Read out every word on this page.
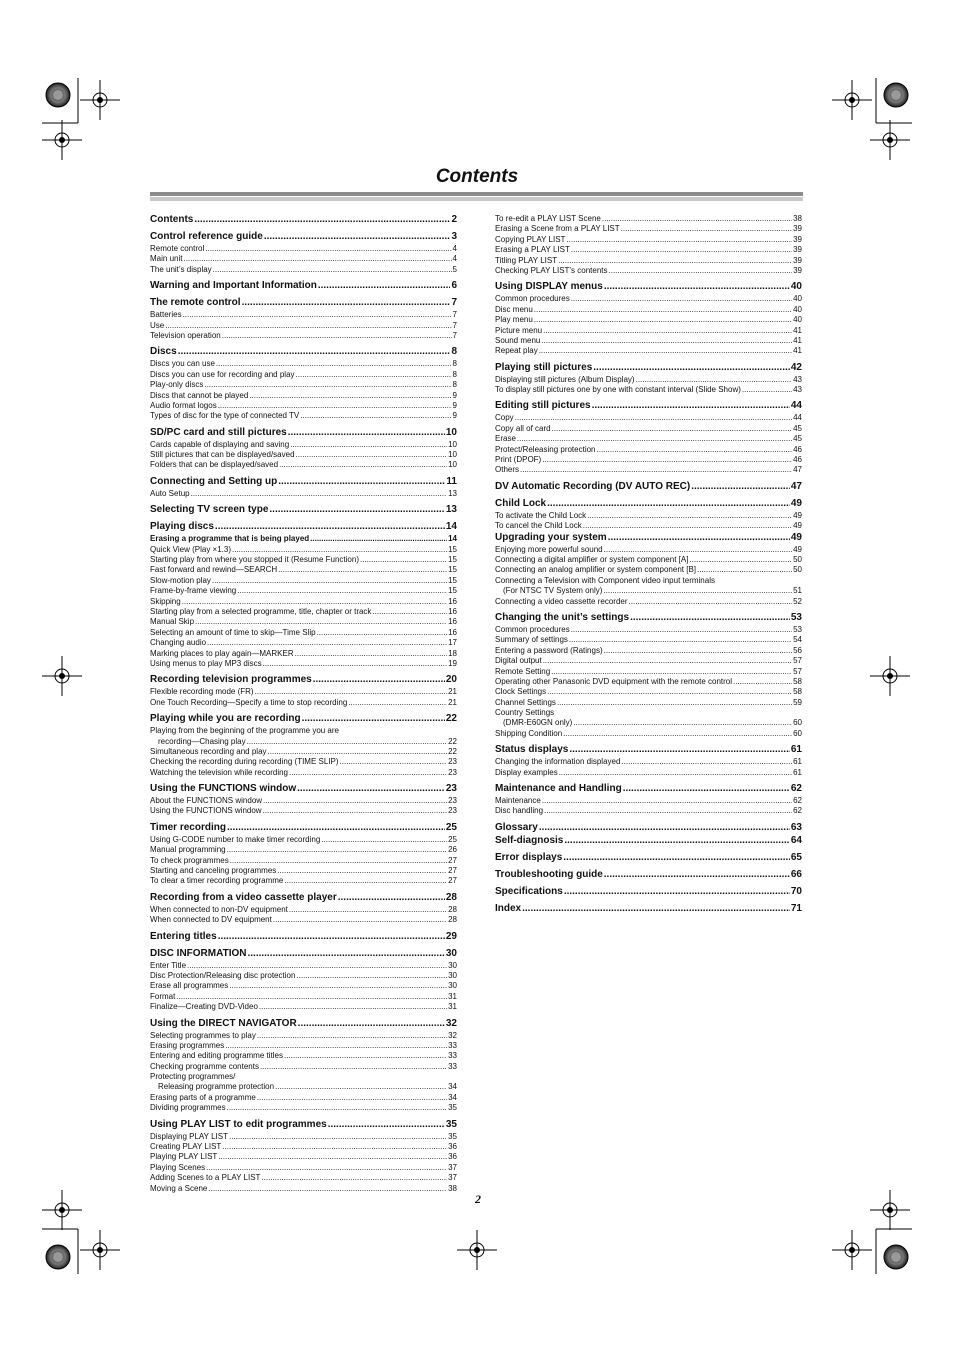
Contents
Contents .....	2
Control reference guide .....	3
Remote control .....	4
Main unit .....	4
The unit’s display .....	5
Warning and Important Information .....	6
The remote control .....	7
Batteries .....	7
Use .....	7
Television operation .....	7
Discs .....	8
Discs you can use .....	8
Discs you can use for recording and play .....	8
Play-only discs .....	8
Discs that cannot be played .....	9
Audio format logos .....	9
Types of disc for the type of connected TV .....	9
SD/PC card and still pictures .....	10
Cards capable of displaying and saving .....	10
Still pictures that can be displayed/saved .....	10
Folders that can be displayed/saved .....	10
Connecting and Setting up .....	11
Auto Setup .....	13
Selecting TV screen type .....	13
Playing discs .....	14
Erasing a programme that is being played .....	14
Quick View (Play ×1.3) .....	15
Starting play from where you stopped it (Resume Function) .....	15
Fast forward and rewind—SEARCH .....	15
Slow-motion play .....	15
Frame-by-frame viewing .....	15
Skipping .....	16
Starting play from a selected programme, title, chapter or track .....	16
Manual Skip .....	16
Selecting an amount of time to skip—Time Slip .....	16
Changing audio .....	17
Marking places to play again—MARKER .....	18
Using menus to play MP3 discs .....	19
Recording television programmes .....	20
Flexible recording mode (FR) .....	21
One Touch Recording—Specify a time to stop recording .....	21
Playing while you are recording .....	22
Playing from the beginning of the programme you are
recording—Chasing play .....	22
Simultaneous recording and play .....	22
Checking the recording during recording (TIME SLIP) .....	23
Watching the television while recording .....	23
Using the FUNCTIONS window .....	23
About the FUNCTIONS window .....	23
Using the FUNCTIONS window .....	23
Timer recording .....	25
Using G-CODE number to make timer recording .....	25
Manual programming .....	26
To check programmes .....	27
Starting and canceling programmes .....	27
To clear a timer recording programme .....	27
Recording from a video cassette player .....	28
When connected to non-DV equipment .....	28
When connected to DV equipment .....	28
Entering titles .....	29
DISC INFORMATION .....	30
Enter Title .....	30
Disc Protection/Releasing disc protection .....	30
Erase all programmes .....	30
Format .....	31
Finalize—Creating DVD-Video .....	31
Using the DIRECT NAVIGATOR .....	32
Selecting programmes to play .....	32
Erasing programmes .....	33
Entering and editing programme titles .....	33
Checking programme contents .....	33
Protecting programmes/
Releasing programme protection .....	34
Erasing parts of a programme .....	34
Dividing programmes .....	35
Using PLAY LIST to edit programmes .....	35
Displaying PLAY LIST .....	35
Creating PLAY LIST .....	36
Playing PLAY LIST .....	36
Playing Scenes .....	37
Adding Scenes to a PLAY LIST .....	37
Moving a Scene .....	38
To re-edit a PLAY LIST Scene .....	38
Erasing a Scene from a PLAY LIST .....	39
Copying PLAY LIST .....	39
Erasing a PLAY LIST .....	39
Titling PLAY LIST .....	39
Checking PLAY LIST’s contents .....	39
Using DISPLAY menus .....	40
Common procedures .....	40
Disc menu .....	40
Play menu .....	40
Picture menu .....	41
Sound menu .....	41
Repeat play .....	41
Playing still pictures .....	42
Displaying still pictures (Album Display) .....	43
To display still pictures one by one with constant interval (Slide Show) .....	43
Editing still pictures .....	44
Copy .....	44
Copy all of card .....	45
Erase .....	45
Protect/Releasing protection .....	46
Print (DPOF) .....	46
Others .....	47
DV Automatic Recording (DV AUTO REC) .....	47
Child Lock .....	49
To activate the Child Lock .....	49
To cancel the Child Lock .....	49
Upgrading your system .....	49
Enjoying more powerful sound .....	49
Connecting a digital amplifier or system component [A] .....	50
Connecting an analog amplifier or system component [B] .....	50
Connecting a Television with Component video input terminals
(For NTSC TV System only) .....	51
Connecting a video cassette recorder .....	52
Changing the unit’s settings .....	53
Common procedures .....	53
Summary of settings .....	54
Entering a password (Ratings) .....	56
Digital output .....	57
Remote Setting .....	57
Operating other Panasonic DVD equipment with the remote control .....	58
Clock Settings .....	58
Channel Settings .....	59
Country Settings
(DMR-E60GN only) .....	60
Shipping Condition .....	60
Status displays .....	61
Changing the information displayed .....	61
Display examples .....	61
Maintenance and Handling .....	62
Maintenance .....	62
Disc handling .....	62
Glossary .....	63
Self-diagnosis .....	64
Error displays .....	65
Troubleshooting guide .....	66
Specifications .....	70
Index .....	71
2
